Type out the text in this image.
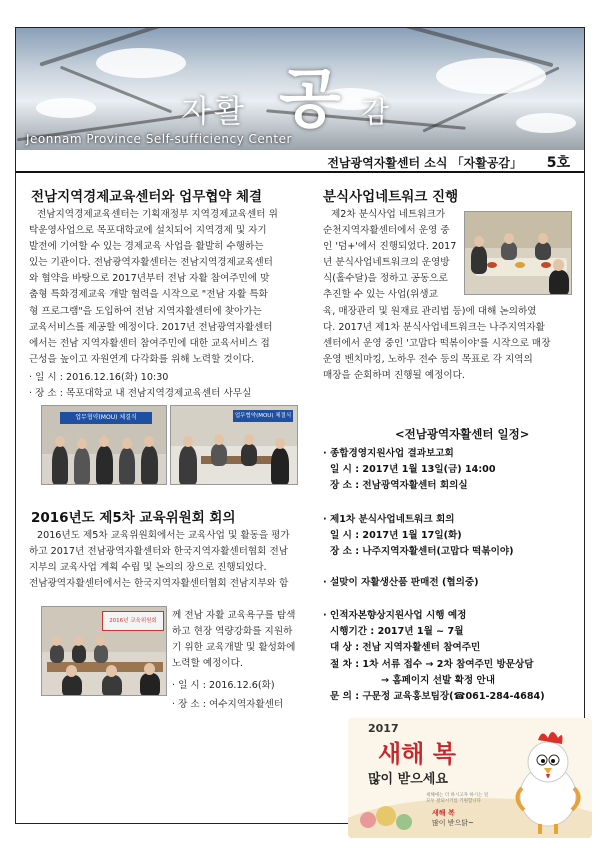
자활 공 감
Jeonnam Province Self-sufficiency Center
전남광역자활센터 소식 「자활공감」 5호
전남지역경제교육센터와 업무협약 체결
전남지역경제교육센터는 기획재정부 지역경제교육센터 위
탁운영사업으로 목포대학교에 설치되어 지역경제 및 자기
발전에 기여할 수 있는 경제교육 사업을 활발히 수행하는
있는 기관이다. 전남광역자활센터는 전남지역경제교육센터
와 협약을 바탕으로 2017년부터 전남 자활 참여주민에 맞
춤형 특화경제교육 개발 협력을 시작으로 "전남 자활 특화
형 프로그램"을 도입하여 전남 지역자활센터에 찾아가는
교육서비스를 제공할 예정이다. 2017년 전남광역자활센터
에서는 전남 지역자활센터 참여주민에 대한 교육서비스 접
근성을 높이고 자원연계 다각화를 위해 노력할 것이다.
· 일 시 : 2016.12.16(화) 10:30
· 장 소 : 목포대학교 내 전남지역경제교육센터 사무실
업무협약(MOU) 체결식	업무협약(MOU) 체결식
2016년도 제5차 교육위원회 회의
2016년도 제5차 교육위원회에서는 교육사업 및 활동을 평가
하고 2017년 전남광역자활센터와 한국지역자활센터협회 전남
지부의 교육사업 계획 수립 및 논의의 장으로 진행되었다.
전남광역자활센터에서는 한국지역자활센터협회 전남지부와 함
2016년 교육위원회	께 전남 자활 교육욕구를 탐색
하고 현장 역량강화를 지원하
기 위한 교육개발 및 활성화에
노력할 예정이다.
· 일 시 : 2016.12.6(화)
· 장 소 : 여수지역자활센터
분식사업네트워크 진행
제2차 분식사업 네트워크가
순천지역자활센터에서 운영 중
인 '덤+'에서 진행되었다. 2017
년 분식사업네트워크의 운영방
식(홀수달)을 정하고 공동으로
추진할 수 있는 사업(위생교
육, 매장관리 및 원재료 관리법 등)에 대해 논의하였
다. 2017년 제1차 분식사업네트워크는 나주지역자활
센터에서 운영 중인 '고맙다 떡볶이야'를 시작으로 매장
운영 벤치마킹, 노하우 전수 등의 목표로 각 지역의
매장을 순회하며 진행될 예정이다.
<전남광역자활센터 일정>
· 종합경영지원사업 결과보고회
일 시 : 2017년 1월 13일(금) 14:00
장 소 : 전남광역자활센터 회의실
· 제1차 분식사업네트워크 회의
일 시 : 2017년 1월 17일(화)
장 소 : 나주지역자활센터(고맙다 떡볶이야)
· 설맞이 자활생산품 판매전 (협의중)
· 인적자본향상지원사업 시행 예정
시행기간 : 2017년 1월 ~ 7월
대 상 : 전남 지역자활센터 참여주민
절 차 : 1차 서류 접수 → 2차 참여주민 방문상담
→ 홈페이지 선발 확정 안내
문 의 : 구문정 교육홍보팀장(☎061-284-4684)
2017
새해 복
많이 받으세요
새해에는 더 하시고자 하시는 일
모두 잘되시기를 기원합니다
새해 복
많이 받으닭~
